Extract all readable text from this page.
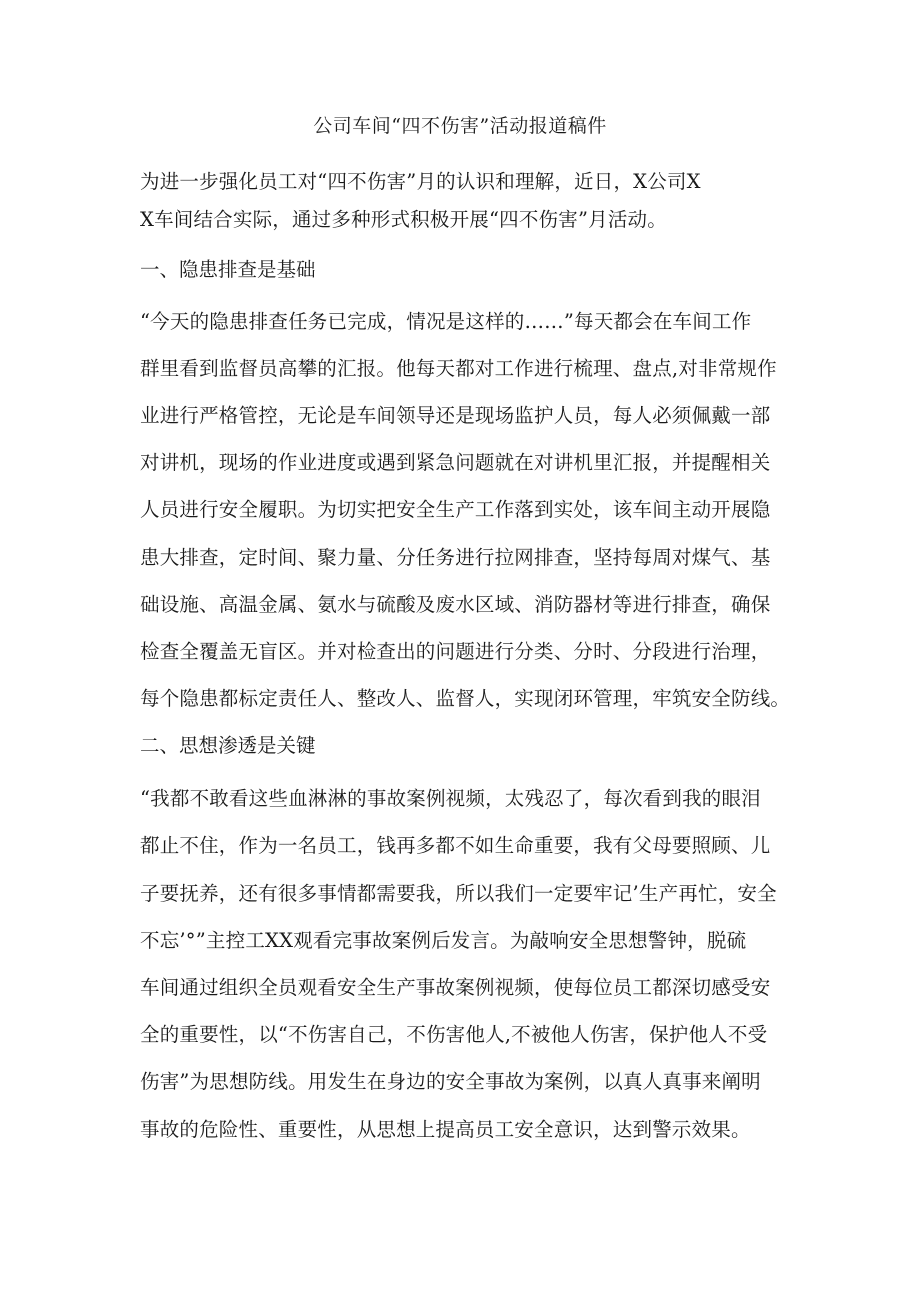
公司车间“四不伤害”活动报道稿件
为进一步强化员工对“四不伤害”月的认识和理解，近日，X公司X
X车间结合实际，通过多种形式积极开展“四不伤害”月活动。
一、隐患排查是基础
“今天的隐患排查任务已完成，情况是这样的……”每天都会在车间工作
群里看到监督员高攀的汇报。他每天都对工作进行梳理、盘点,对非常规作
业进行严格管控，无论是车间领导还是现场监护人员，每人必须佩戴一部
对讲机，现场的作业进度或遇到紧急问题就在对讲机里汇报，并提醒相关
人员进行安全履职。为切实把安全生产工作落到实处，该车间主动开展隐
患大排查，定时间、聚力量、分任务进行拉网排查，坚持每周对煤气、基
础设施、高温金属、氨水与硫酸及废水区域、消防器材等进行排查，确保
检查全覆盖无盲区。并对检查出的问题进行分类、分时、分段进行治理，
每个隐患都标定责任人、整改人、监督人，实现闭环管理，牢筑安全防线。
二、思想渗透是关键
“我都不敢看这些血淋淋的事故案例视频，太残忍了，每次看到我的眼泪
都止不住，作为一名员工，钱再多都不如生命重要，我有父母要照顾、儿
子要抚养，还有很多事情都需要我，所以我们一定要牢记’生产再忙，安全
不忘’°”主控工XX观看完事故案例后发言。为敲响安全思想警钟，脱硫
车间通过组织全员观看安全生产事故案例视频，使每位员工都深切感受安
全的重要性，以“不伤害自己，不伤害他人,不被他人伤害，保护他人不受
伤害”为思想防线。用发生在身边的安全事故为案例，以真人真事来阐明
事故的危险性、重要性，从思想上提高员工安全意识，达到警示效果。
